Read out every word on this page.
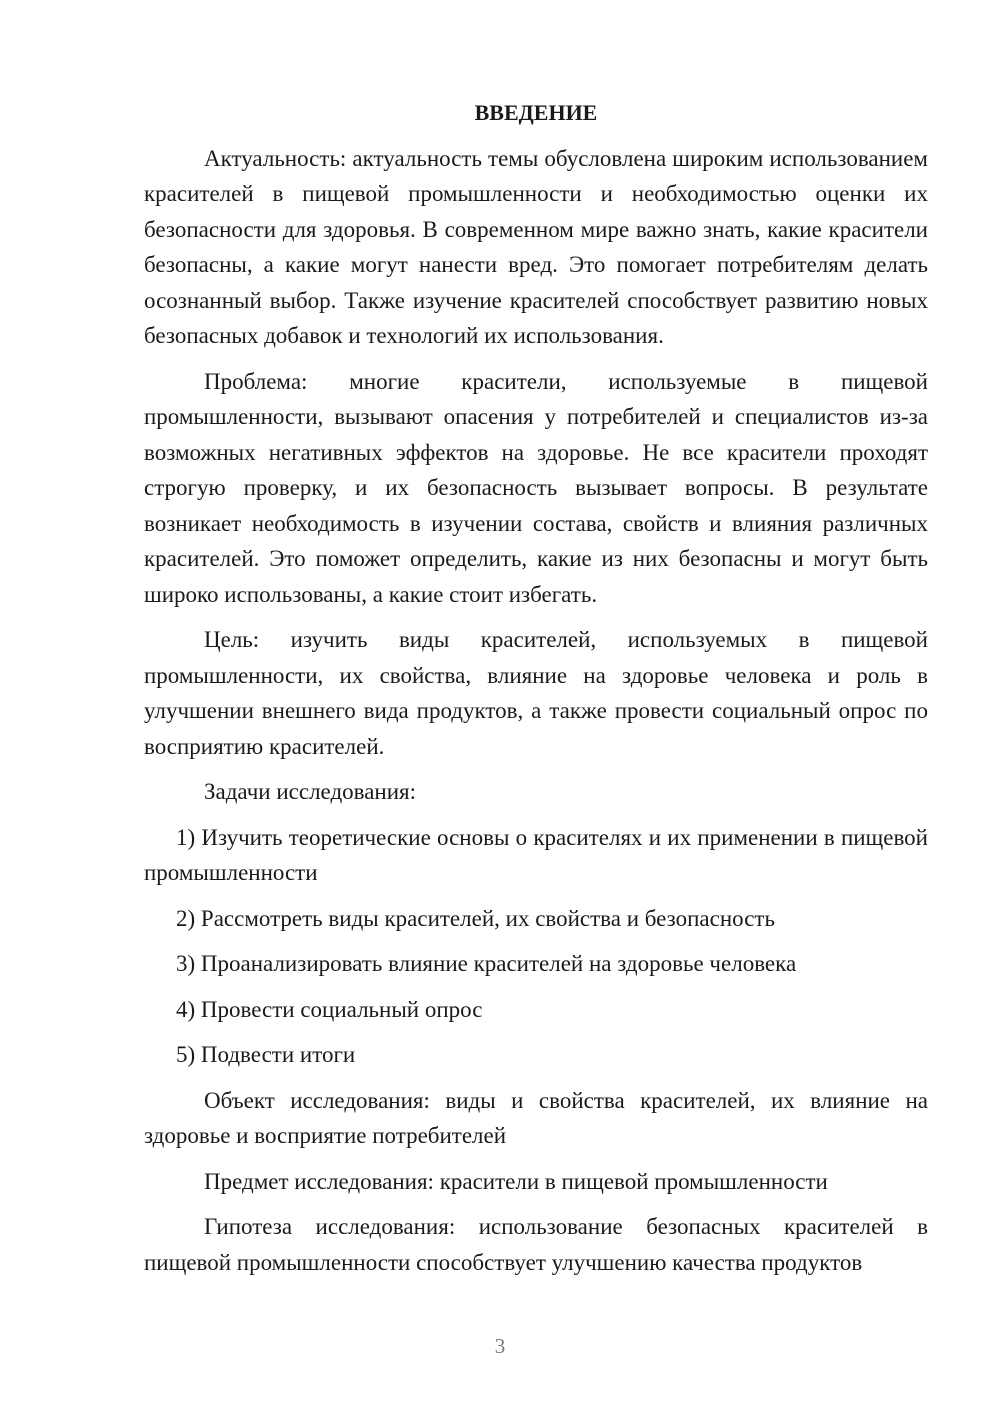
ВВЕДЕНИЕ

Актуальность: актуальность темы обусловлена широким использованием красителей в пищевой промышленности и необходимостью оценки их безопасности для здоровья. В современном мире важно знать, какие красители безопасны, а какие могут нанести вред. Это помогает потребителям делать осознанный выбор. Также изучение красителей способствует развитию новых безопасных добавок и технологий их использования.

Проблема: многие красители, используемые в пищевой промышленности, вызывают опасения у потребителей и специалистов из-за возможных негативных эффектов на здоровье. Не все красители проходят строгую проверку, и их безопасность вызывает вопросы. В результате возникает необходимость в изучении состава, свойств и влияния различных красителей. Это поможет определить, какие из них безопасны и могут быть широко использованы, а какие стоит избегать.

Цель: изучить виды красителей, используемых в пищевой промышленности, их свойства, влияние на здоровье человека и роль в улучшении внешнего вида продуктов, а также провести социальный опрос по восприятию красителей.

Задачи исследования:

1) Изучить теоретические основы о красителях и их применении в пищевой промышленности

2) Рассмотреть виды красителей, их свойства и безопасность

3) Проанализировать влияние красителей на здоровье человека

4) Провести социальный опрос

5) Подвести итоги

Объект исследования: виды и свойства красителей, их влияние на здоровье и восприятие потребителей

Предмет исследования: красители в пищевой промышленности

Гипотеза исследования: использование безопасных красителей в пищевой промышленности способствует улучшению качества продуктов

3
